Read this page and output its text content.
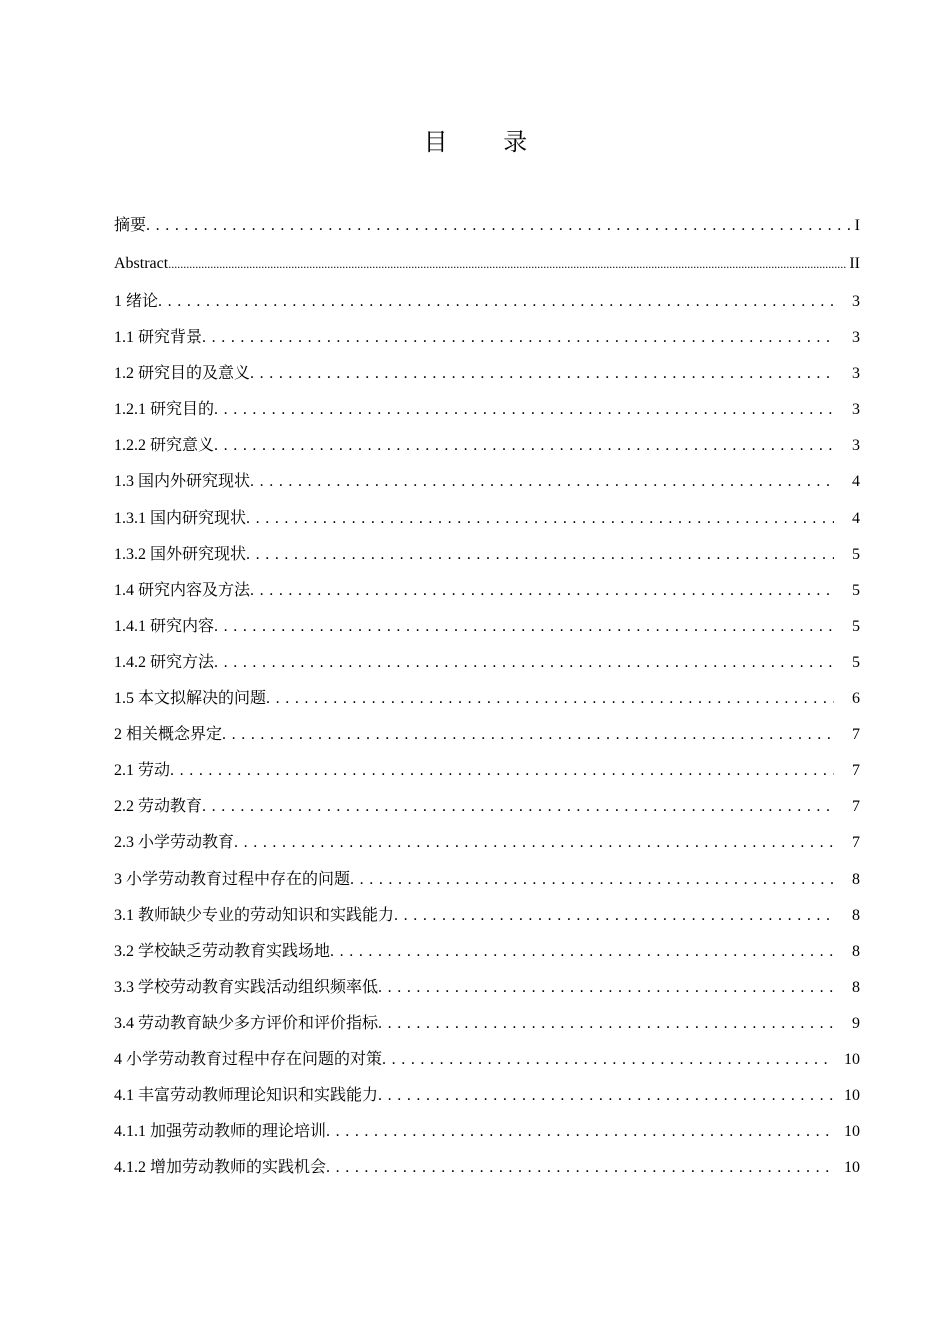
目 录
摘要 . . .	I
Abstract .....	II
1 绪论 . . .	3
1.1 研究背景 . . .	3
1.2 研究目的及意义 . . .	3
1.2.1 研究目的 . . .	3
1.2.2 研究意义 . . .	3
1.3 国内外研究现状 . . .	4
1.3.1 国内研究现状 . . .	4
1.3.2 国外研究现状 . . .	5
1.4 研究内容及方法 . . .	5
1.4.1 研究内容 . . .	5
1.4.2 研究方法 . . .	5
1.5 本文拟解决的问题 . . .	6
2 相关概念界定 . . .	7
2.1 劳动 . . .	7
2.2 劳动教育 . . .	7
2.3 小学劳动教育 . . .	7
3 小学劳动教育过程中存在的问题 . . .	8
3.1 教师缺少专业的劳动知识和实践能力 . . .	8
3.2 学校缺乏劳动教育实践场地 . . .	8
3.3 学校劳动教育实践活动组织频率低 . . .	8
3.4 劳动教育缺少多方评价和评价指标 . . .	9
4 小学劳动教育过程中存在问题的对策 . . .	10
4.1 丰富劳动教师理论知识和实践能力 . . .	10
4.1.1 加强劳动教师的理论培训 . . .	10
4.1.2 增加劳动教师的实践机会 . . .	10
